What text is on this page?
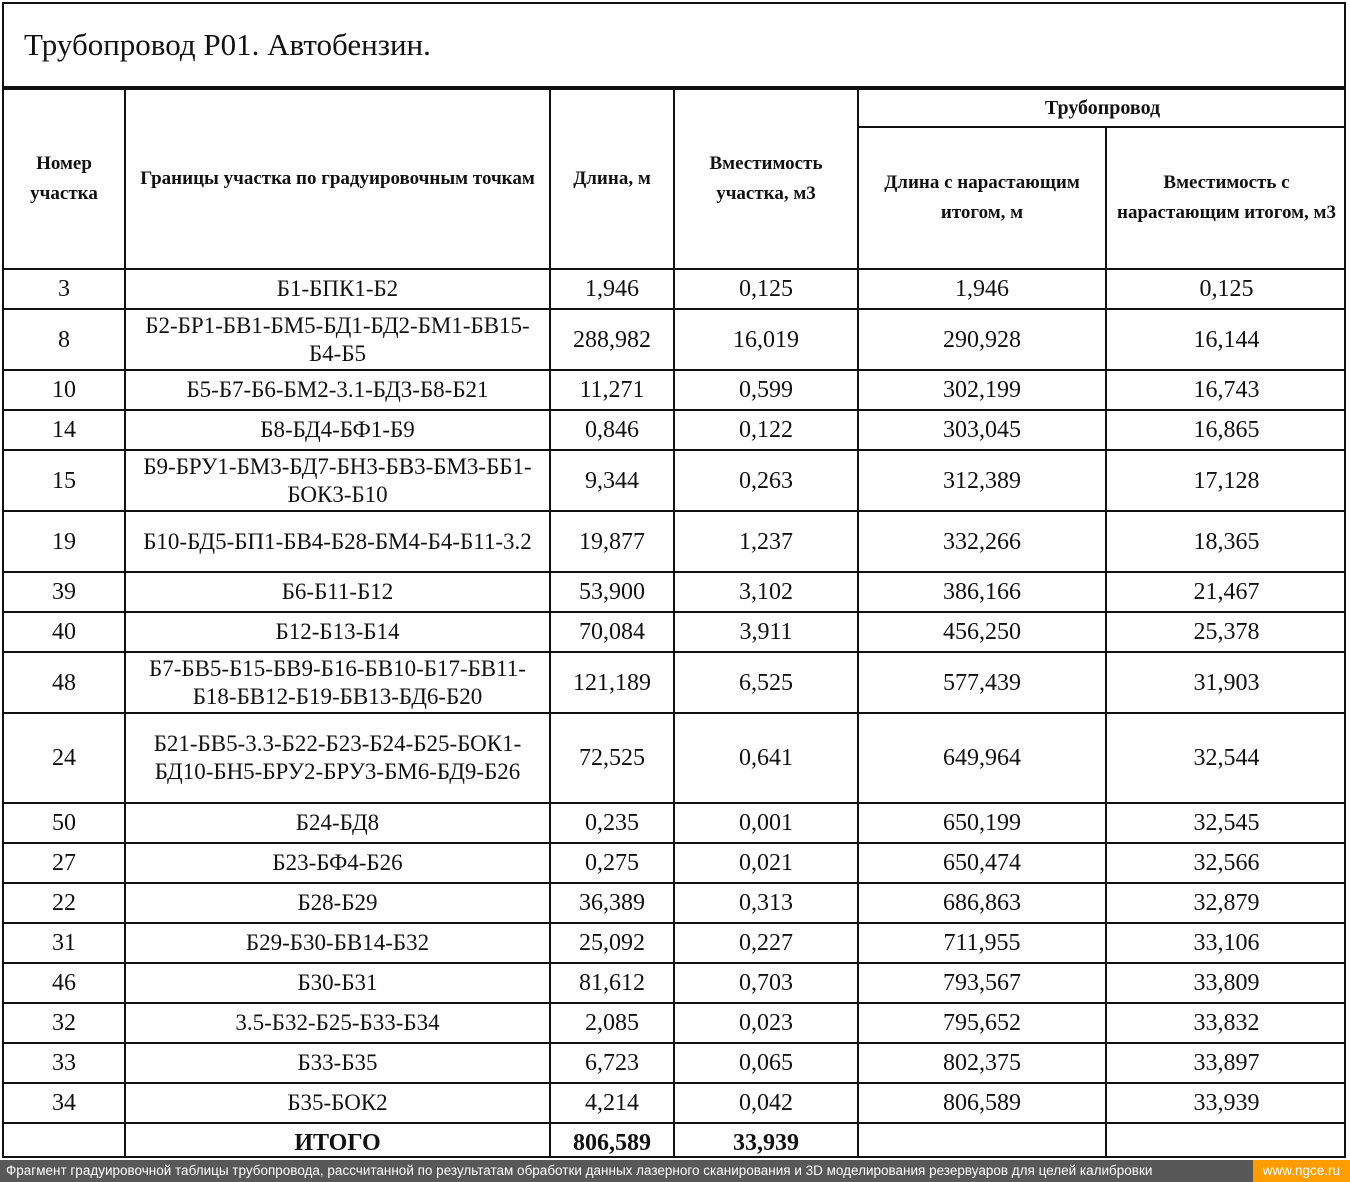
Трубопровод Р01. Автобензин.
Номер участка	Границы участка по градуировочным точкам	Длина, м	Вместимость участка, м3	Трубопровод	
				Длина с нарастающим итогом, м	Вместимость с нарастающим итогом, м3
3	Б1-БПК1-Б2	1,946	0,125	1,946	0,125
8	Б2-БР1-БВ1-БМ5-БД1-БД2-БМ1-БВ15-Б4-Б5	288,982	16,019	290,928	16,144
10	Б5-Б7-Б6-БМ2-3.1-БД3-Б8-Б21	11,271	0,599	302,199	16,743
14	Б8-БД4-БФ1-Б9	0,846	0,122	303,045	16,865
15	Б9-БРУ1-БМ3-БД7-БН3-БВ3-БМ3-ББ1-БОК3-Б10	9,344	0,263	312,389	17,128
19	Б10-БД5-БП1-БВ4-Б28-БМ4-Б4-Б11-3.2	19,877	1,237	332,266	18,365
39	Б6-Б11-Б12	53,900	3,102	386,166	21,467
40	Б12-Б13-Б14	70,084	3,911	456,250	25,378
48	Б7-БВ5-Б15-БВ9-Б16-БВ10-Б17-БВ11-Б18-БВ12-Б19-БВ13-БД6-Б20	121,189	6,525	577,439	31,903
24	Б21-БВ5-3.3-Б22-Б23-Б24-Б25-БОК1-БД10-БН5-БРУ2-БРУ3-БМ6-БД9-Б26	72,525	0,641	649,964	32,544
50	Б24-БД8	0,235	0,001	650,199	32,545
27	Б23-БФ4-Б26	0,275	0,021	650,474	32,566
22	Б28-Б29	36,389	0,313	686,863	32,879
31	Б29-Б30-БВ14-Б32	25,092	0,227	711,955	33,106
46	Б30-Б31	81,612	0,703	793,567	33,809
32	3.5-Б32-Б25-Б33-Б34	2,085	0,023	795,652	33,832
33	Б33-Б35	6,723	0,065	802,375	33,897
34	Б35-БОК2	4,214	0,042	806,589	33,939
	ИТОГО	806,589	33,939		
Фрагмент градуировочной таблицы трубопровода, рассчитанной по результатам обработки данных лазерного сканирования и 3D моделирования резервуаров для целей калибровки	www.ngce.ru
